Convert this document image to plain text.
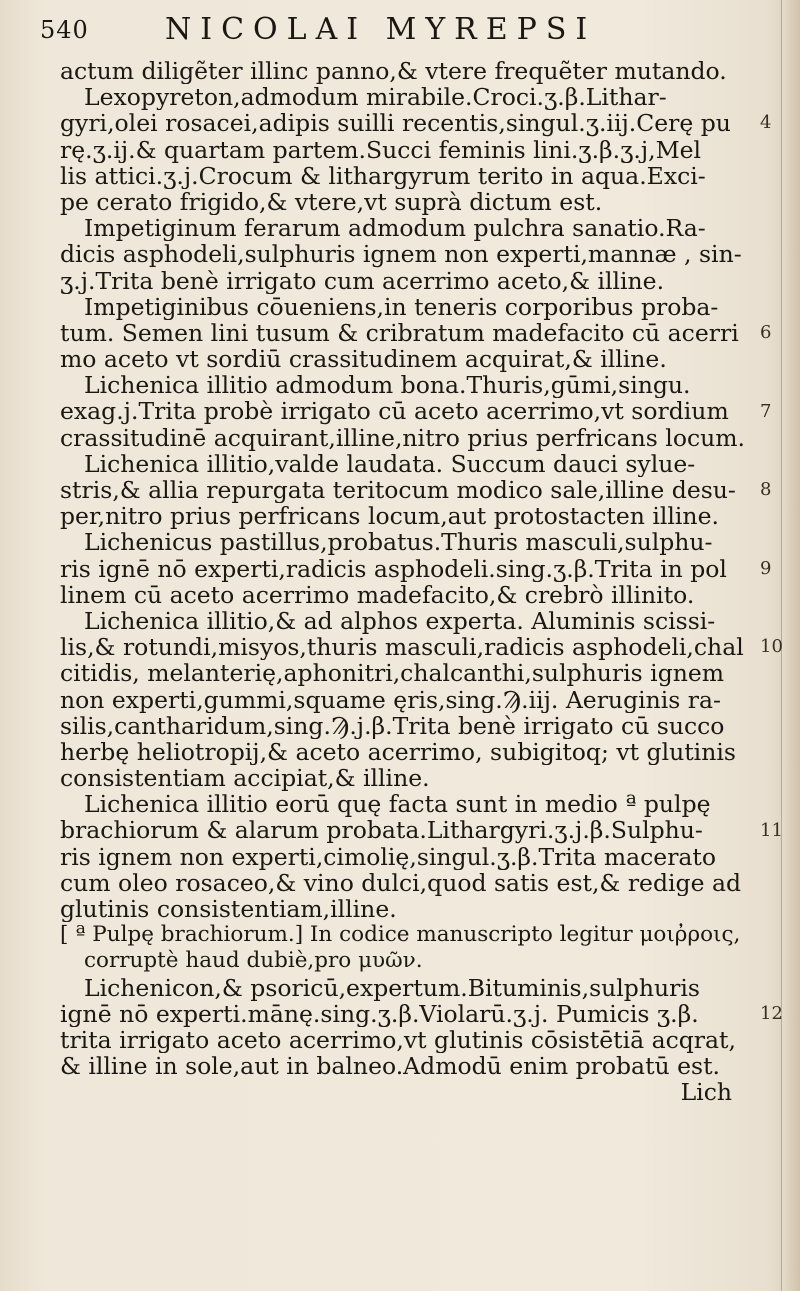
540	NICOLAI MYREPSI
actum diligẽter illinc panno,& vtere frequẽter mutando.
Lexopyreton,admodum mirabile.Croci.ʒ.β.Lithar-
gyri,olei rosacei,adipis suilli recentis,singul.ʒ.iij.Cerę pu
rę.ʒ.ij.& quartam partem.Succi feminis lini.ʒ.β.ʒ.j,Mel
lis attici.ʒ.j.Crocum & lithargyrum terito in aqua.Exci-
pe cerato frigido,& vtere,vt suprà dictum est.
Impetiginum ferarum admodum pulchra sanatio.Ra-
dicis asphodeli,sulphuris ignem non experti,mannæ , sin-
ʒ.j.Trita benè irrigato cum acerrimo aceto,& illine.
Impetiginibus cōueniens,in teneris corporibus proba-
tum. Semen lini tusum & cribratum madefacito cū acerri
mo aceto vt sordiū crassitudinem acquirat,& illine.
Lichenica illitio admodum bona.Thuris,gūmi,singu.
exag.j.Trita probè irrigato cū aceto acerrimo,vt sordium
crassitudinē acquirant,illine,nitro prius perfricans locum.
Lichenica illitio,valde laudata. Succum dauci sylue-
stris,& allia repurgata teritocum modico sale,illine desu-
per,nitro prius perfricans locum,aut protostacten illine.
Lichenicus pastillus,probatus.Thuris masculi,sulphu-
ris ignē nō experti,radicis asphodeli.sing.ʒ.β.Trita in pol
linem cū aceto acerrimo madefacito,& crebrò illinito.
Lichenica illitio,& ad alphos experta. Aluminis scissi-
lis,& rotundi,misyos,thuris masculi,radicis asphodeli,chal
citidis, melanterię,aphonitri,chalcanthi,sulphuris ignem
non experti,gummi,squame ęris,sing.Ϡ.iij. Aeruginis ra-
silis,cantharidum,sing.Ϡ.j.β.Trita benè irrigato cū succo
herbę heliotropij,& aceto acerrimo, subigitoq; vt glutinis
consistentiam accipiat,& illine.
Lichenica illitio eorū quę facta sunt in medio ª pulpę
brachiorum & alarum probata.Lithargyri.ʒ.j.β.Sulphu-
ris ignem non experti,cimolię,singul.ʒ.β.Trita macerato
cum oleo rosaceo,& vino dulci,quod satis est,& redige ad
glutinis consistentiam,illine.
[ ª Pulpę brachiorum.] In codice manuscripto legitur μοιῤροις,
corruptè haud dubiè,pro μυῶν.
Lichenicon,& psoricū,expertum.Bituminis,sulphuris
ignē nō experti.mānę.sing.ʒ.β.Violarū.ʒ.j. Pumicis ʒ.β.
trita irrigato aceto acerrimo,vt glutinis cōsistētiā acqrat,
& illine in sole,aut in balneo.Admodū enim probatū est.
Lich
4
6
7
8
9
10
11
12
